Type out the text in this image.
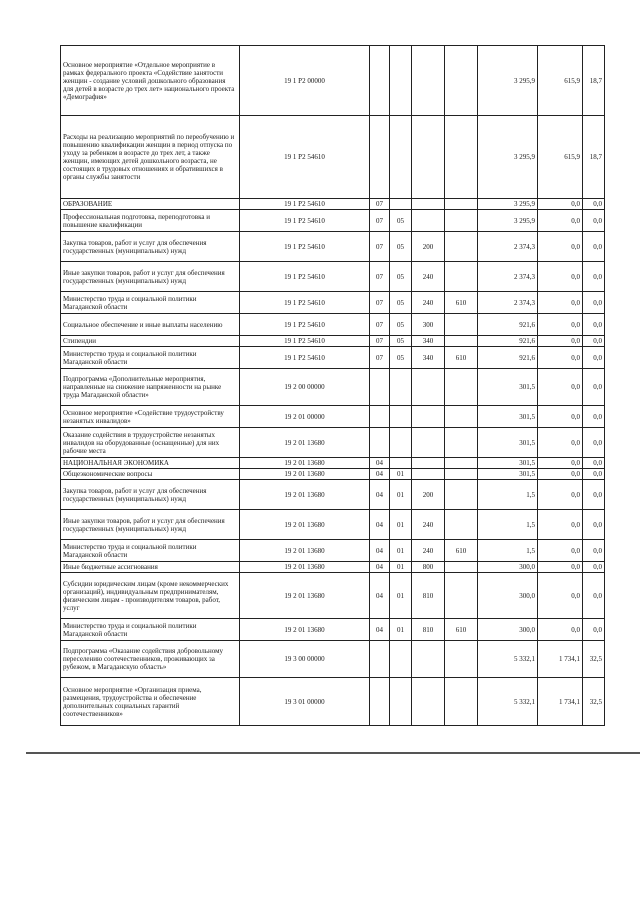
Основное мероприятие «Отдельное мероприятие в рамках федерального проекта «Содействие занятости женщин - создание условий дошкольного образования для детей в возрасте до трех лет» национального проекта «Демография»	19 1 P2 00000					3 295,9	615,9	18,7
Расходы на реализацию мероприятий по переобучению и повышению квалификации женщин в период отпуска по уходу за ребенком в возрасте до трех лет, а также женщин, имеющих детей дошкольного возраста, не состоящих в трудовых отношениях и обратившихся в органы службы занятости	19 1 P2 54610					3 295,9	615,9	18,7
ОБРАЗОВАНИЕ	19 1 P2 54610	07				3 295,9	0,0	0,0
Профессиональная подготовка, переподготовка и повышение квалификации	19 1 P2 54610	07	05			3 295,9	0,0	0,0
Закупка товаров, работ и услуг для обеспечения государственных (муниципальных) нужд	19 1 P2 54610	07	05	200		2 374,3	0,0	0,0
Иные закупки товаров, работ и услуг для обеспечения государственных (муниципальных) нужд	19 1 P2 54610	07	05	240		2 374,3	0,0	0,0
Министерство труда и социальной политики Магаданской области	19 1 P2 54610	07	05	240	610	2 374,3	0,0	0,0
Социальное обеспечение и иные выплаты населению	19 1 P2 54610	07	05	300		921,6	0,0	0,0
Стипендии	19 1 P2 54610	07	05	340		921,6	0,0	0,0
Министерство труда и социальной политики Магаданской области	19 1 P2 54610	07	05	340	610	921,6	0,0	0,0
Подпрограмма «Дополнительные мероприятия, направленные на снижение напряженности на рынке труда Магаданской области»	19 2 00 00000					301,5	0,0	0,0
Основное мероприятие «Содействие трудоустройству незанятых инвалидов»	19 2 01 00000					301,5	0,0	0,0
Оказание содействия в трудоустройстве незанятых инвалидов на оборудованные (оснащенные) для них рабочие места	19 2 01 13680					301,5	0,0	0,0
НАЦИОНАЛЬНАЯ ЭКОНОМИКА	19 2 01 13680	04				301,5	0,0	0,0
Общеэкономические вопросы	19 2 01 13680	04	01			301,5	0,0	0,0
Закупка товаров, работ и услуг для обеспечения государственных (муниципальных) нужд	19 2 01 13680	04	01	200		1,5	0,0	0,0
Иные закупки товаров, работ и услуг для обеспечения государственных (муниципальных) нужд	19 2 01 13680	04	01	240		1,5	0,0	0,0
Министерство труда и социальной политики Магаданской области	19 2 01 13680	04	01	240	610	1,5	0,0	0,0
Иные бюджетные ассигнования	19 2 01 13680	04	01	800		300,0	0,0	0,0
Субсидии юридическим лицам (кроме некоммерческих организаций), индивидуальным предпринимателям, физическим лицам - производителям товаров, работ, услуг	19 2 01 13680	04	01	810		300,0	0,0	0,0
Министерство труда и социальной политики Магаданской области	19 2 01 13680	04	01	810	610	300,0	0,0	0,0
Подпрограмма «Оказание содействия добровольному переселению соотечественников, проживающих за рубежом, в Магаданскую область»	19 3 00 00000					5 332,1	1 734,1	32,5
Основное мероприятие «Организация приема, размещения, трудоустройства и обеспечение дополнительных социальных гарантий соотечественников»	19 3 01 00000					5 332,1	1 734,1	32,5
